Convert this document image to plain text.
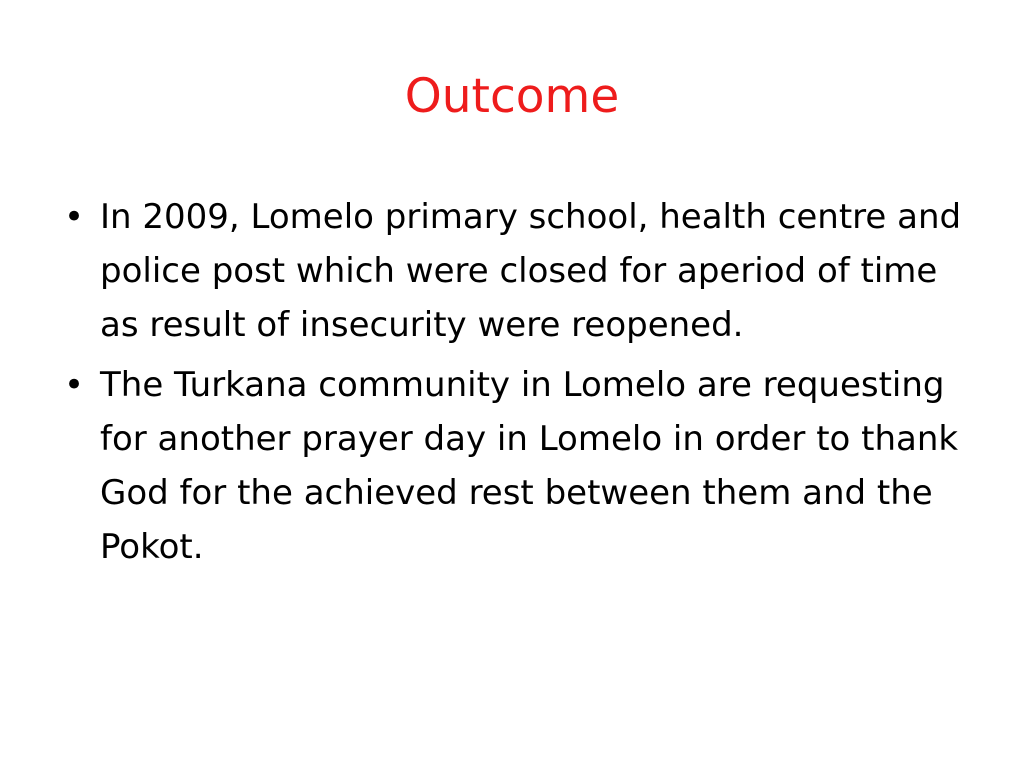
Outcome
• In 2009, Lomelo primary school, health centre and police post which were closed for aperiod of time as result of insecurity were reopened.
• The Turkana community in Lomelo are requesting for another prayer day in Lomelo in order to thank God for the achieved rest between them and the Pokot.
